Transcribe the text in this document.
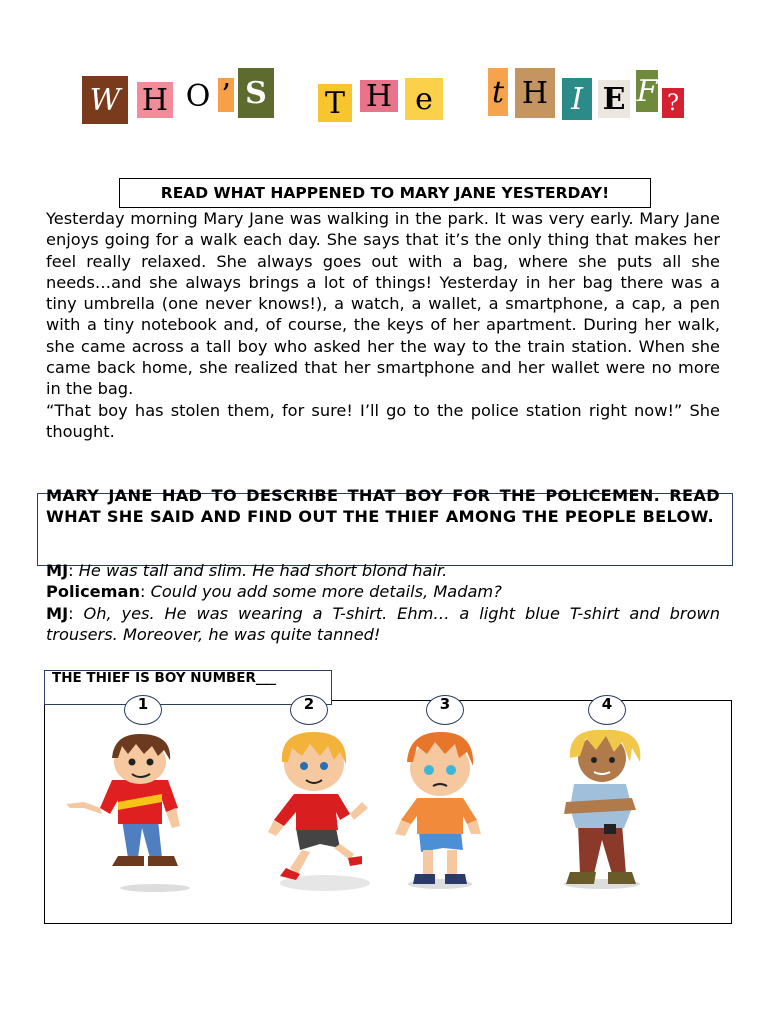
W H O ’ S T H e	t H I E F ?
READ WHAT HAPPENED TO MARY JANE YESTERDAY!

Yesterday morning Mary Jane was walking in the park. It was very early. Mary Jane enjoys going for a walk each day. She says that it’s the only thing that makes her feel really relaxed. She always goes out with a bag, where she puts all she needs…and she always brings a lot of things! Yesterday in her bag there was a tiny umbrella (one never knows!), a watch, a wallet, a smartphone, a cap, a pen with a tiny notebook and, of course, the keys of her apartment. During her walk, she came across a tall boy who asked her the way to the train station. When she came back home, she realized that her smartphone and her wallet were no more in the bag.

“That boy has stolen them, for sure! I’ll go to the police station right now!” She thought.

MARY JANE HAD TO DESCRIBE THAT BOY FOR THE POLICEMEN. READ WHAT SHE SAID AND FIND OUT THE THIEF AMONG THE PEOPLE BELOW.

MJ: He was tall and slim. He had short blond hair.

Policeman: Could you add some more details, Madam?

MJ: Oh, yes. He was wearing a T-shirt. Ehm… a light blue T-shirt and brown trousers. Moreover, he was quite tanned!

THE THIEF IS BOY NUMBER___
1	2	3	4
